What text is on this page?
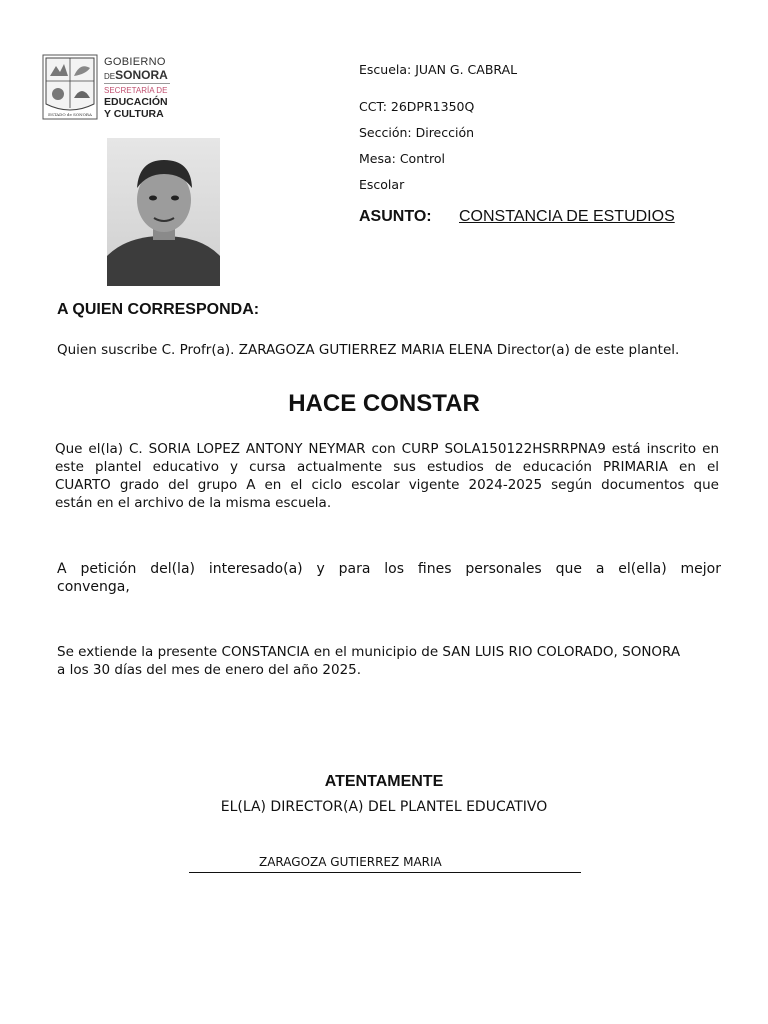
ESTADO de SONORA
GOBIERNO
DESONORA
SECRETARÍA DE
EDUCACIÓN
Y CULTURA
Escuela: JUAN G. CABRAL
CCT: 26DPR1350Q
Sección: Dirección
Mesa: Control
Escolar
ASUNTO: CONSTANCIA DE ESTUDIOS
A QUIEN CORRESPONDA:
Quien suscribe C. Profr(a). ZARAGOZA GUTIERREZ MARIA ELENA Director(a) de este plantel.
HACE CONSTAR
Que el(la) C. SORIA LOPEZ ANTONY NEYMAR con CURP SOLA150122HSRRPNA9 está inscrito en
este plantel educativo y cursa actualmente sus estudios de educación PRIMARIA en el
CUARTO grado del grupo A en el ciclo escolar vigente 2024-2025 según documentos que
están en el archivo de la misma escuela.
A petición del(la) interesado(a) y para los fines personales que a el(ella) mejor
convenga,
Se extiende la presente CONSTANCIA en el municipio de SAN LUIS RIO COLORADO, SONORA
a los 30 días del mes de enero del año 2025.
ATENTAMENTE
EL(LA) DIRECTOR(A) DEL PLANTEL EDUCATIVO
ZARAGOZA GUTIERREZ MARIA
